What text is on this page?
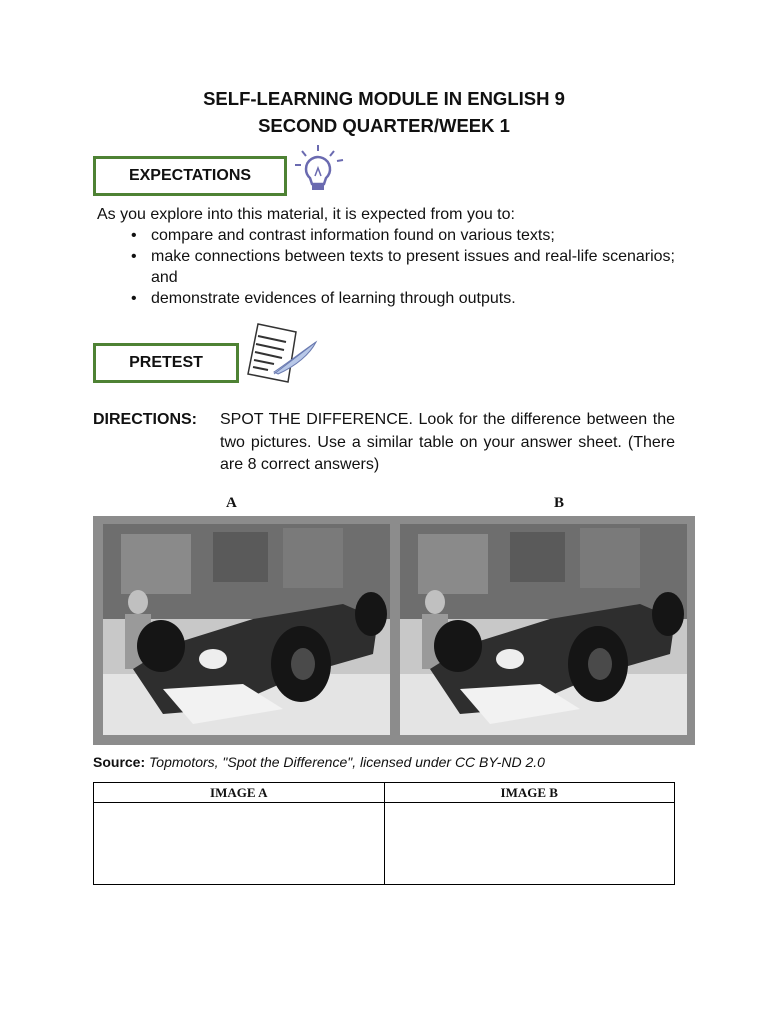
SELF-LEARNING MODULE IN ENGLISH 9
SECOND QUARTER/WEEK 1
EXPECTATIONS
As you explore into this material, it is expected from you to:
• compare and contrast information found on various texts;
• make connections between texts to present issues and real-life scenarios; and
• demonstrate evidences of learning through outputs.
PRETEST
DIRECTIONS: SPOT THE DIFFERENCE. Look for the difference between the two pictures. Use a similar table on your answer sheet. (There are 8 correct answers)
A	B
Source: Topmotors, "Spot the Difference", licensed under CC BY-ND 2.0
IMAGE A	IMAGE B
